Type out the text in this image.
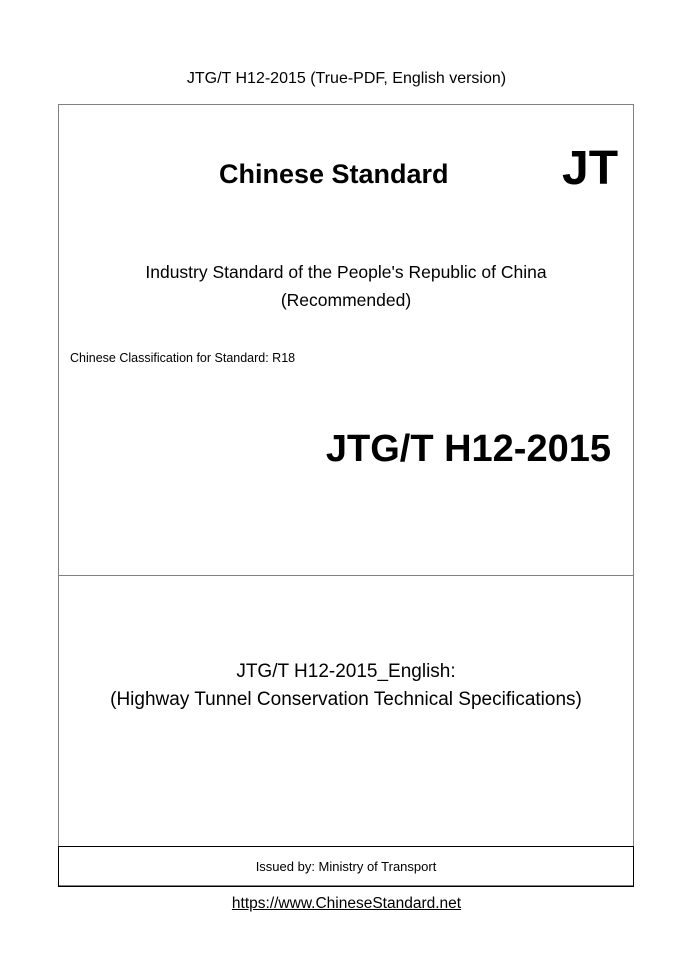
JTG/T H12-2015 (True-PDF, English version)
Chinese Standard JT
Industry Standard of the People's Republic of China
(Recommended)
Chinese Classification for Standard: R18
JTG/T H12-2015
JTG/T H12-2015_English:
(Highway Tunnel Conservation Technical Specifications)
Issued by: Ministry of Transport
https://www.ChineseStandard.net
